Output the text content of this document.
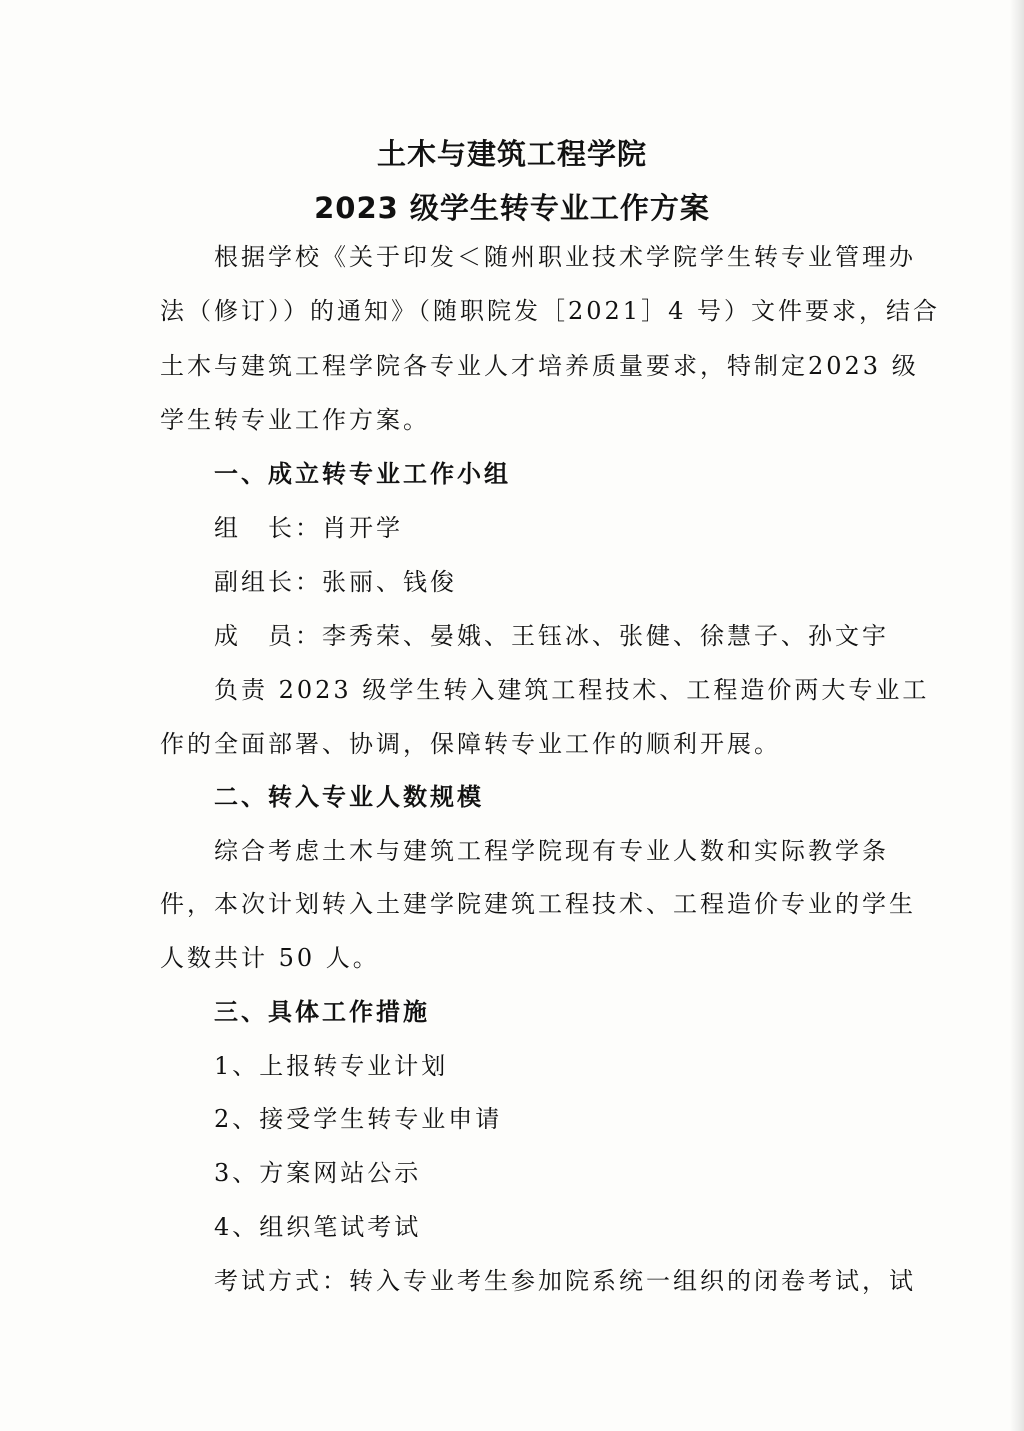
土木与建筑工程学院
2023 级学生转专业工作方案
根据学校《关于印发＜随州职业技术学院学生转专业管理办
法（修订））的通知》（随职院发［2021］4 号）文件要求，结合
土木与建筑工程学院各专业人才培养质量要求，特制定2023 级
学生转专业工作方案。
一、成立转专业工作小组
组　长：肖开学
副组长：张丽、钱俊
成　员：李秀荣、晏娥、王钰冰、张健、徐慧子、孙文宇
负责 2023 级学生转入建筑工程技术、工程造价两大专业工
作的全面部署、协调，保障转专业工作的顺利开展。
二、转入专业人数规模
综合考虑土木与建筑工程学院现有专业人数和实际教学条
件，本次计划转入土建学院建筑工程技术、工程造价专业的学生
人数共计 50 人。
三、具体工作措施
1、上报转专业计划
2、接受学生转专业申请
3、方案网站公示
4、组织笔试考试
考试方式：转入专业考生参加院系统一组织的闭卷考试，试
